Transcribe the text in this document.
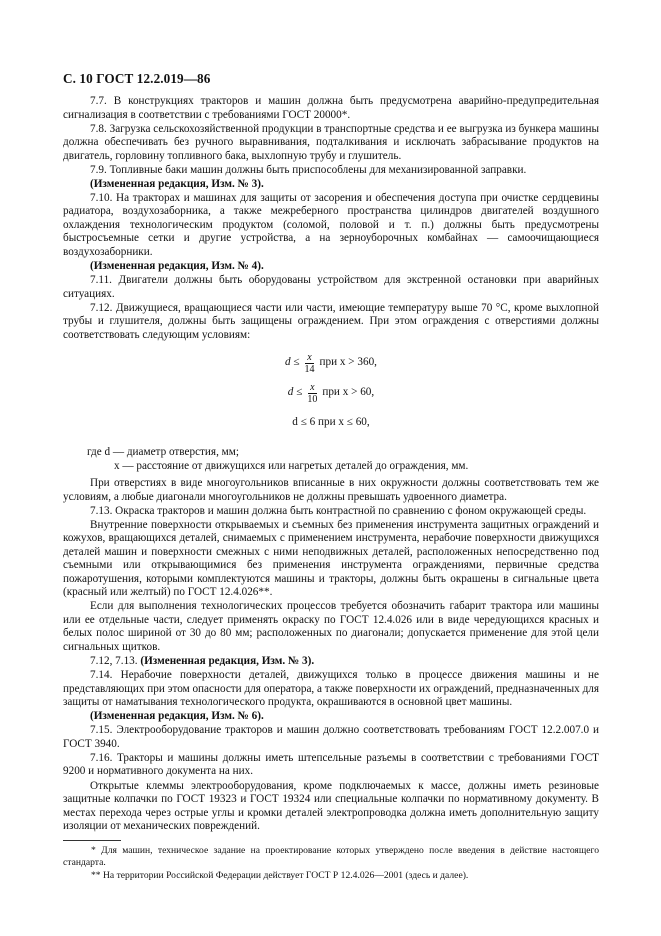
С. 10 ГОСТ 12.2.019—86

7.7. В конструкциях тракторов и машин должна быть предусмотрена аварийно-предупредительная сигнализация в соответствии с требованиями ГОСТ 20000*.

7.8. Загрузка сельскохозяйственной продукции в транспортные средства и ее выгрузка из бункера машины должна обеспечивать без ручного выравнивания, подталкивания и исключать забрасывание продуктов на двигатель, горловину топливного бака, выхлопную трубу и глушитель.

7.9. Топливные баки машин должны быть приспособлены для механизированной заправки.

(Измененная редакция, Изм. № 3).

7.10. На тракторах и машинах для защиты от засорения и обеспечения доступа при очистке сердцевины радиатора, воздухозаборника, а также межреберного пространства цилиндров двигателей воздушного охлаждения технологическим продуктом (соломой, половой и т. п.) должны быть предусмотрены быстросъемные сетки и другие устройства, а на зерноуборочных комбайнах — самоочищающиеся воздухозаборники.

(Измененная редакция, Изм. № 4).

7.11. Двигатели должны быть оборудованы устройством для экстренной остановки при аварийных ситуациях.

7.12. Движущиеся, вращающиеся части или части, имеющие температуру выше 70 °С, кроме выхлопной трубы и глушителя, должны быть защищены ограждением. При этом ограждения с отверстиями должны соответствовать следующим условиям:

$d \le \frac{x}{14}$ при x > 360,
$d \le \frac{x}{10}$ при x > 60,
d ≤ 6 при x ≤ 60,

где d — диаметр отверстия, мм;

x — расстояние от движущихся или нагретых деталей до ограждения, мм.

При отверстиях в виде многоугольников вписанные в них окружности должны соответствовать тем же условиям, а любые диагонали многоугольников не должны превышать удвоенного диаметра.

7.13. Окраска тракторов и машин должна быть контрастной по сравнению с фоном окружающей среды.

Внутренние поверхности открываемых и съемных без применения инструмента защитных ограждений и кожухов, вращающихся деталей, снимаемых с применением инструмента, нерабочие поверхности движущихся деталей машин и поверхности смежных с ними неподвижных деталей, расположенных непосредственно под съемными или открывающимися без применения инструмента ограждениями, первичные средства пожаротушения, которыми комплектуются машины и тракторы, должны быть окрашены в сигнальные цвета (красный или желтый) по ГОСТ 12.4.026**.

Если для выполнения технологических процессов требуется обозначить габарит трактора или машины или ее отдельные части, следует применять окраску по ГОСТ 12.4.026 или в виде чередующихся красных и белых полос шириной от 30 до 80 мм; расположенных по диагонали; допускается применение для этой цели сигнальных щитков.

7.12, 7.13. (Измененная редакция, Изм. № 3).

7.14. Нерабочие поверхности деталей, движущихся только в процессе движения машины и не представляющих при этом опасности для оператора, а также поверхности их ограждений, предназначенных для защиты от наматывания технологического продукта, окрашиваются в основной цвет машины.

(Измененная редакция, Изм. № 6).

7.15. Электрооборудование тракторов и машин должно соответствовать требованиям ГОСТ 12.2.007.0 и ГОСТ 3940.

7.16. Тракторы и машины должны иметь штепсельные разъемы в соответствии с требованиями ГОСТ 9200 и нормативного документа на них.

Открытые клеммы электрооборудования, кроме подключаемых к массе, должны иметь резиновые защитные колпачки по ГОСТ 19323 и ГОСТ 19324 или специальные колпачки по нормативному документу. В местах перехода через острые углы и кромки деталей электропроводка должна иметь дополнительную защиту изоляции от механических повреждений.

* Для машин, техническое задание на проектирование которых утверждено после введения в действие настоящего стандарта.

** На территории Российской Федерации действует ГОСТ Р 12.4.026—2001 (здесь и далее).
